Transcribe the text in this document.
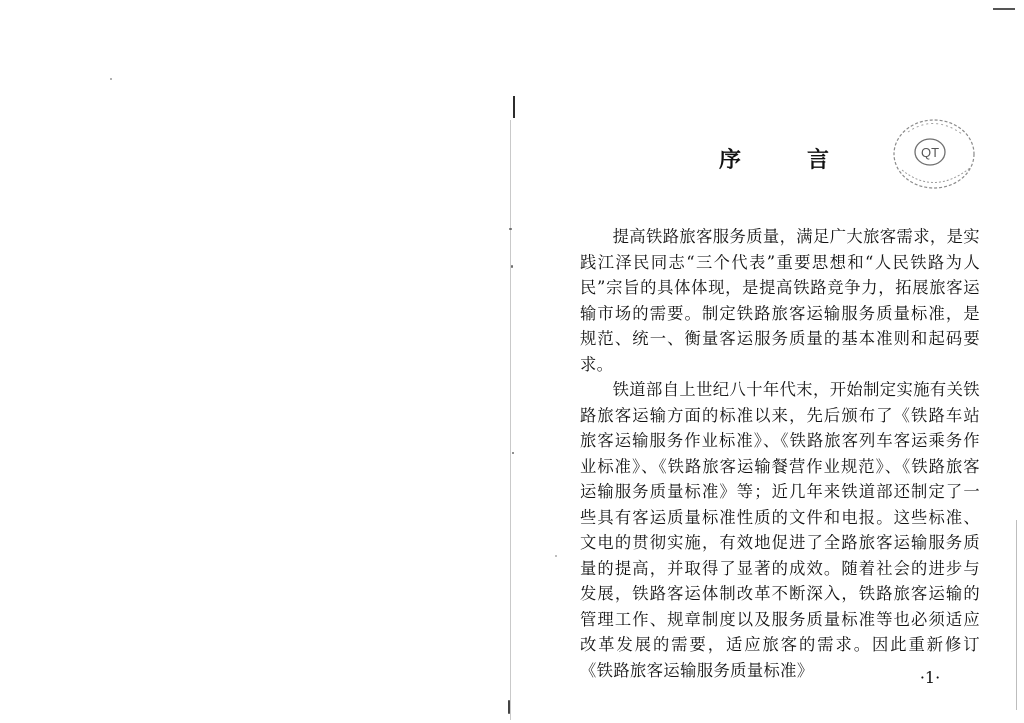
QT
序　言

提高铁路旅客服务质量，满足广大旅客需求，是实践江泽民同志“三个代表”重要思想和“人民铁路为人民”宗旨的具体体现，是提高铁路竞争力，拓展旅客运输市场的需要。制定铁路旅客运输服务质量标准，是规范、统一、衡量客运服务质量的基本准则和起码要求。

铁道部自上世纪八十年代末，开始制定实施有关铁路旅客运输方面的标准以来，先后颁布了《铁路车站旅客运输服务作业标准》、《铁路旅客列车客运乘务作业标准》、《铁路旅客运输餐营作业规范》、《铁路旅客运输服务质量标准》等；近几年来铁道部还制定了一些具有客运质量标准性质的文件和电报。这些标准、文电的贯彻实施，有效地促进了全路旅客运输服务质量的提高，并取得了显著的成效。随着社会的进步与发展，铁路客运体制改革不断深入，铁路旅客运输的管理工作、规章制度以及服务质量标准等也必须适应改革发展的需要，适应旅客的需求。因此重新修订《铁路旅客运输服务质量标准》	·1·
